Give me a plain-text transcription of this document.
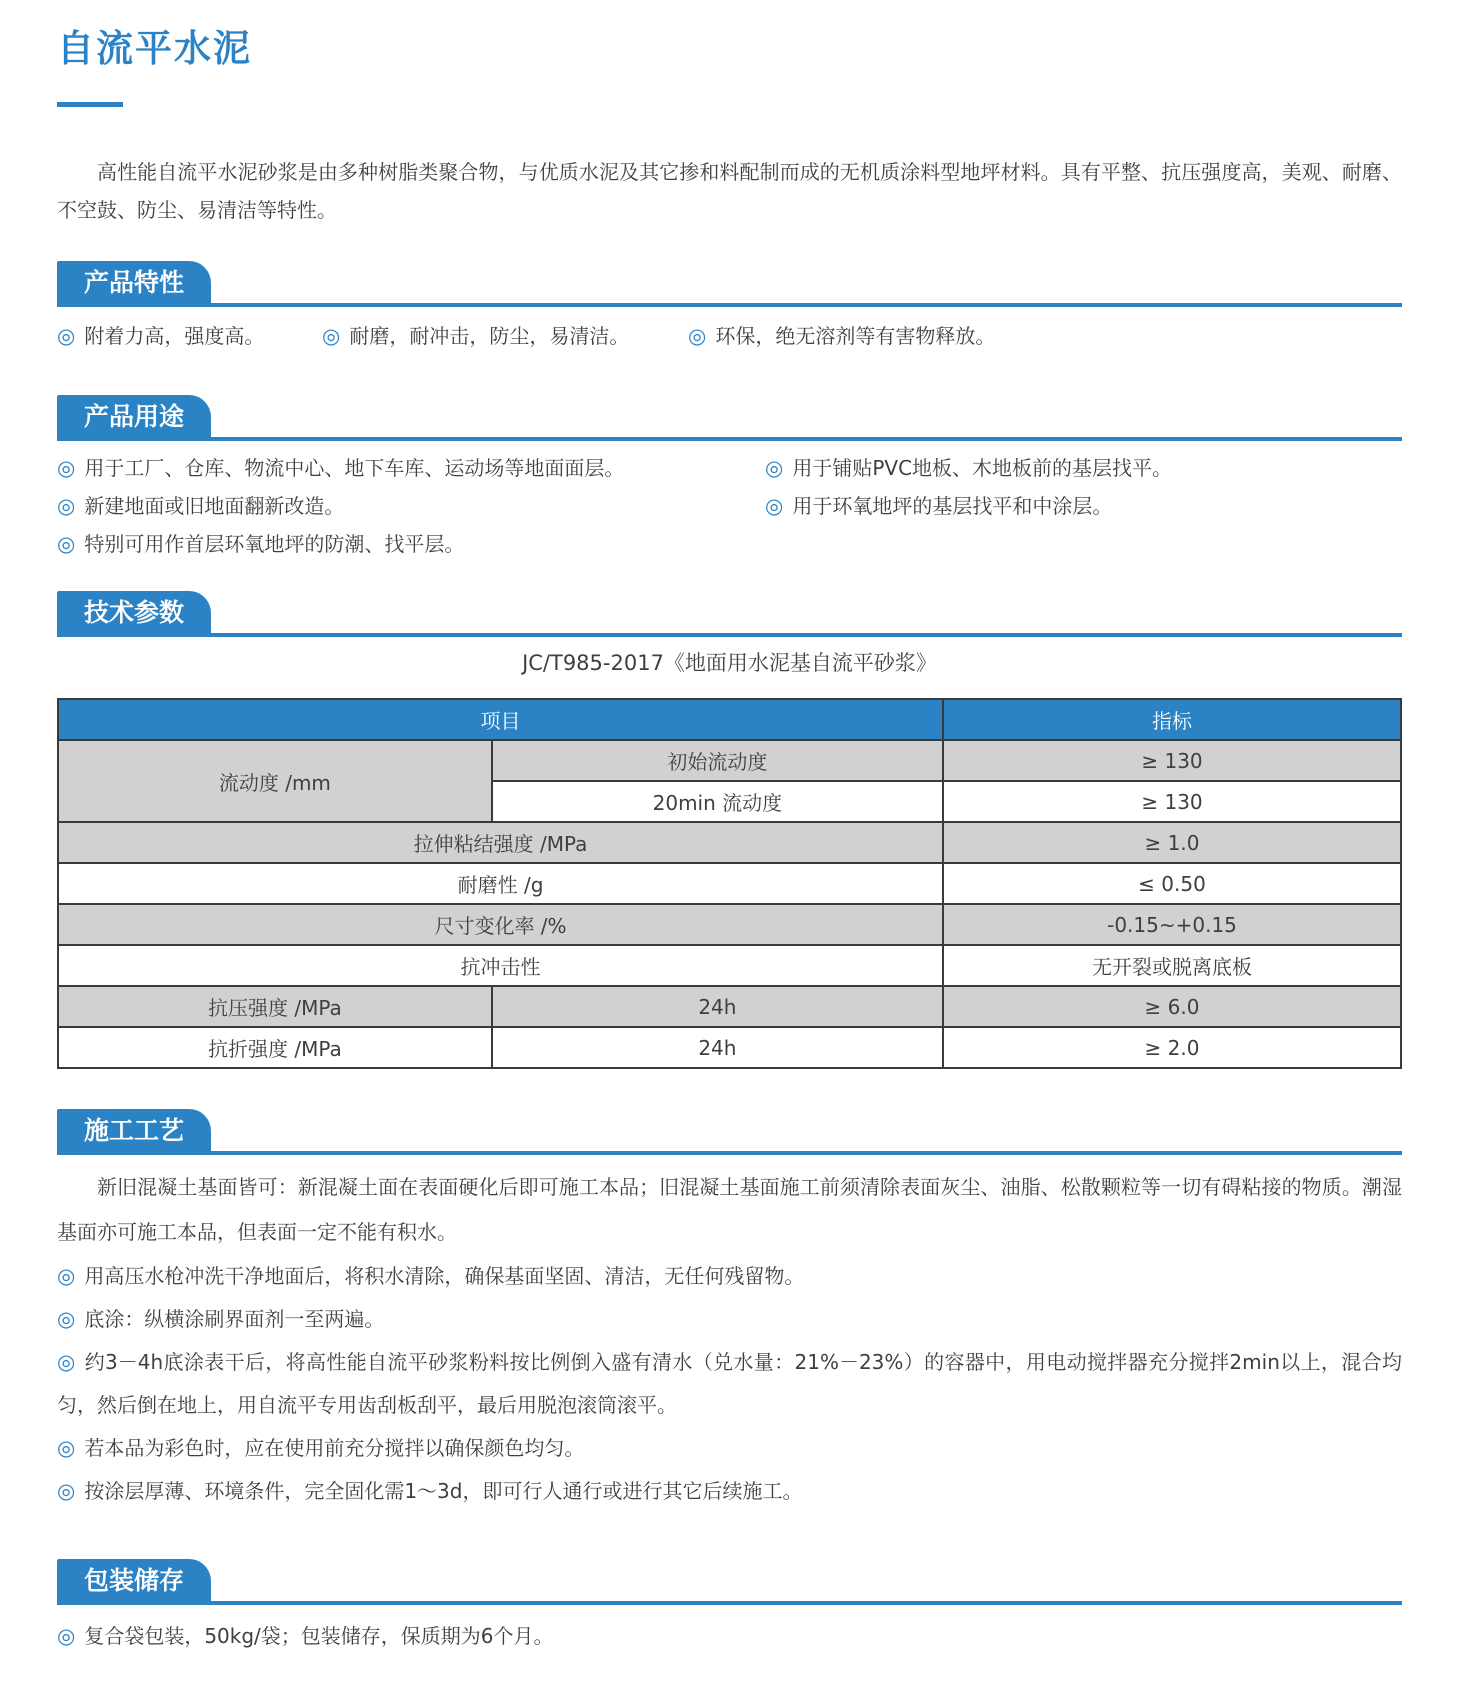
自流平水泥

高性能自流平水泥砂浆是由多种树脂类聚合物，与优质水泥及其它掺和料配制而成的无机质涂料型地坪材料。具有平整、抗压强度高，美观、耐磨、不空鼓、防尘、易清洁等特性。

产品特性
◎ 附着力高，强度高。	◎ 耐磨，耐冲击，防尘，易清洁。	◎ 环保，绝无溶剂等有害物释放。
产品用途

◎ 用于工厂、仓库、物流中心、地下车库、运动场等地面面层。

◎ 新建地面或旧地面翻新改造。

◎ 特别可用作首层环氧地坪的防潮、找平层。

◎ 用于铺贴PVC地板、木地板前的基层找平。

◎ 用于环氧地坪的基层找平和中涂层。

技术参数

JC/T985-2017《地面用水泥基自流平砂浆》

项目		指标
流动度 /mm	初始流动度	≥ 130
	20min 流动度	≥ 130
拉伸粘结强度 /MPa		≥ 1.0
耐磨性 /g		≤ 0.50
尺寸变化率 /%		-0.15~+0.15
抗冲击性		无开裂或脱离底板
抗压强度 /MPa	24h	≥ 6.0
抗折强度 /MPa	24h	≥ 2.0
施工工艺

新旧混凝土基面皆可：新混凝土面在表面硬化后即可施工本品；旧混凝土基面施工前须清除表面灰尘、油脂、松散颗粒等一切有碍粘接的物质。潮湿基面亦可施工本品，但表面一定不能有积水。

◎ 用高压水枪冲洗干净地面后，将积水清除，确保基面坚固、清洁，无任何残留物。

◎ 底涂：纵横涂刷界面剂一至两遍。

◎ 约3－4h底涂表干后，将高性能自流平砂浆粉料按比例倒入盛有清水（兑水量：21%－23%）的容器中，用电动搅拌器充分搅拌2min以上，混合均匀，然后倒在地上，用自流平专用齿刮板刮平，最后用脱泡滚筒滚平。

◎ 若本品为彩色时，应在使用前充分搅拌以确保颜色均匀。

◎ 按涂层厚薄、环境条件，完全固化需1～3d，即可行人通行或进行其它后续施工。

包装储存

◎ 复合袋包装，50kg/袋；包装储存，保质期为6个月。
